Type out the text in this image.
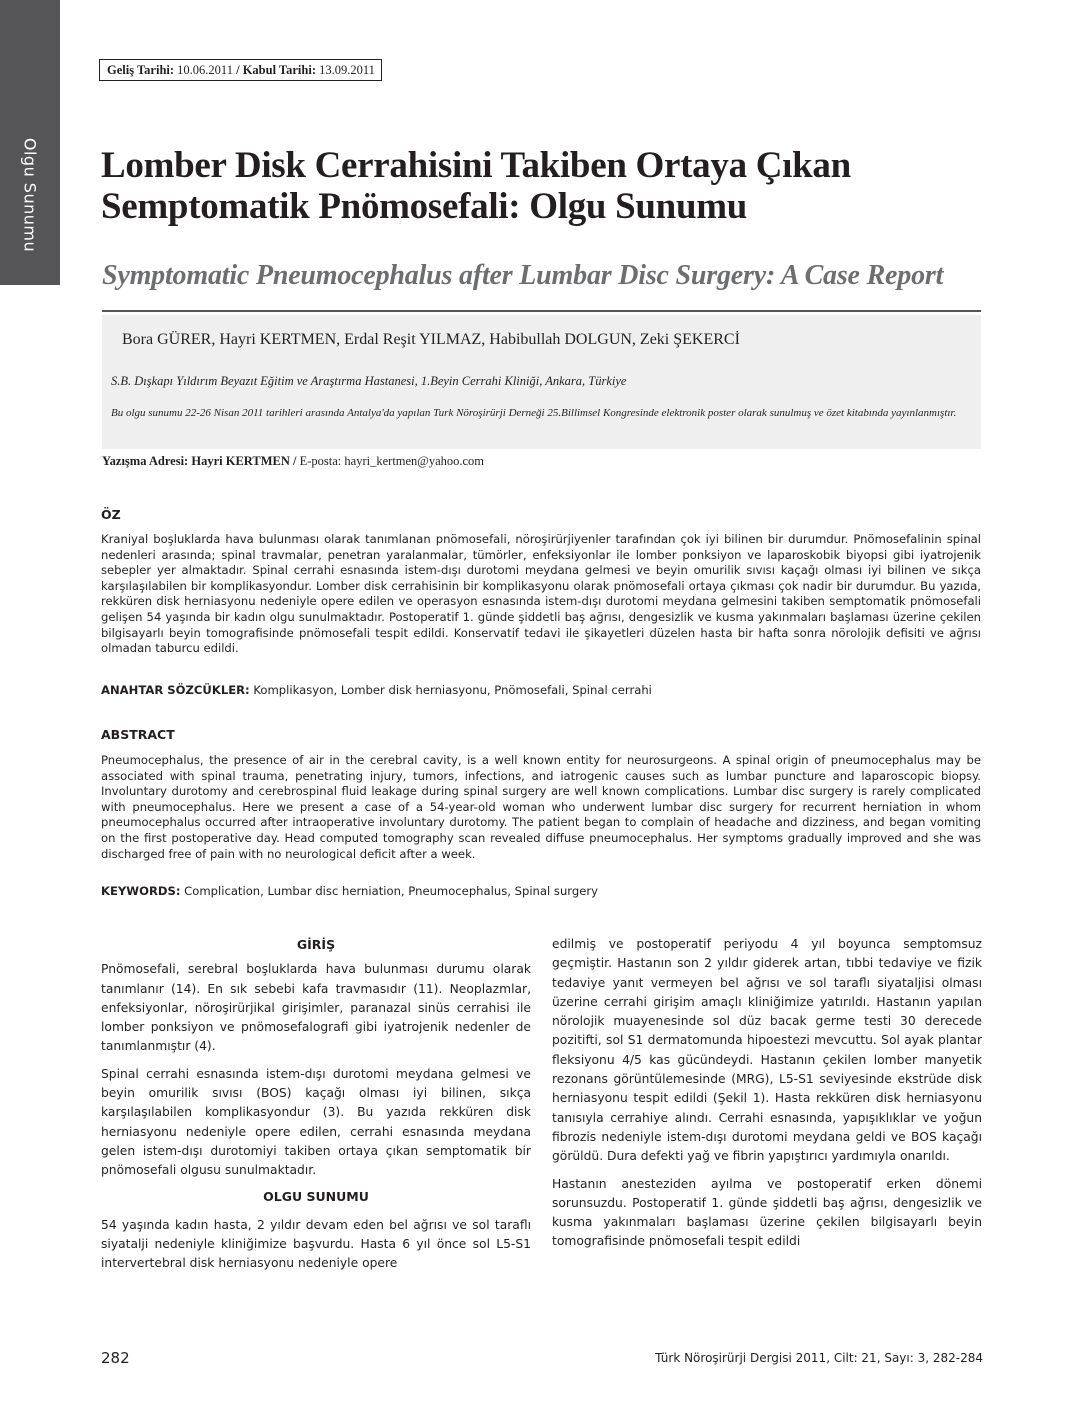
Olgu Sunumu
Geliş Tarihi: 10.06.2011 / Kabul Tarihi: 13.09.2011
Lomber Disk Cerrahisini Takiben Ortaya Çıkan Semptomatik Pnömosefali: Olgu Sunumu
Symptomatic Pneumocephalus after Lumbar Disc Surgery: A Case Report
Bora GÜRER, Hayri KERTMEN, Erdal Reşit YILMAZ, Habibullah DOLGUN, Zeki ŞEKERCİ
S.B. Dışkapı Yıldırım Beyazıt Eğitim ve Araştırma Hastanesi, 1.Beyin Cerrahi Kliniği, Ankara, Türkiye
Bu olgu sunumu 22-26 Nisan 2011 tarihleri arasında Antalya'da yapılan Turk Nöroşirürji Derneği 25.Billimsel Kongresinde elektronik poster olarak sunulmuş ve özet kitabında yayınlanmıştır.
Yazışma Adresi: Hayri KERTMEN / E-posta: hayri_kertmen@yahoo.com
ÖZ

Kraniyal boşluklarda hava bulunması olarak tanımlanan pnömosefali, nöroşirürjiyenler tarafından çok iyi bilinen bir durumdur. Pnömosefalinin spinal nedenleri arasında; spinal travmalar, penetran yaralanmalar, tümörler, enfeksiyonlar ile lomber ponksiyon ve laparoskobik biyopsi gibi iyatrojenik sebepler yer almaktadır. Spinal cerrahi esnasında istem-dışı durotomi meydana gelmesi ve beyin omurilik sıvısı kaçağı olması iyi bilinen ve sıkça karşılaşılabilen bir komplikasyondur. Lomber disk cerrahisinin bir komplikasyonu olarak pnömosefali ortaya çıkması çok nadir bir durumdur. Bu yazıda, rekküren disk herniasyonu nedeniyle opere edilen ve operasyon esnasında istem-dışı durotomi meydana gelmesini takiben semptomatik pnömosefali gelişen 54 yaşında bir kadın olgu sunulmaktadır. Postoperatif 1. günde şiddetli baş ağrısı, dengesizlik ve kusma yakınmaları başlaması üzerine çekilen bilgisayarlı beyin tomografisinde pnömosefali tespit edildi. Konservatif tedavi ile şikayetleri düzelen hasta bir hafta sonra nörolojik defisiti ve ağrısı olmadan taburcu edildi.

ANAHTAR SÖZCÜKLER: Komplikasyon, Lomber disk herniasyonu, Pnömosefali, Spinal cerrahi
ABSTRACT

Pneumocephalus, the presence of air in the cerebral cavity, is a well known entity for neurosurgeons. A spinal origin of pneumocephalus may be associated with spinal trauma, penetrating injury, tumors, infections, and iatrogenic causes such as lumbar puncture and laparoscopic biopsy. Involuntary durotomy and cerebrospinal fluid leakage during spinal surgery are well known complications. Lumbar disc surgery is rarely complicated with pneumocephalus. Here we present a case of a 54-year-old woman who underwent lumbar disc surgery for recurrent herniation in whom pneumocephalus occurred after intraoperative involuntary durotomy. The patient began to complain of headache and dizziness, and began vomiting on the first postoperative day. Head computed tomography scan revealed diffuse pneumocephalus. Her symptoms gradually improved and she was discharged free of pain with no neurological deficit after a week.

KEYWORDS: Complication, Lumbar disc herniation, Pneumocephalus, Spinal surgery
GİRİŞ

Pnömosefali, serebral boşluklarda hava bulunması durumu olarak tanımlanır (14). En sık sebebi kafa travmasıdır (11). Neoplazmlar, enfeksiyonlar, nöroşirürjikal girişimler, paranazal sinüs cerrahisi ile lomber ponksiyon ve pnömosefalografi gibi iyatrojenik nedenler de tanımlanmıştır (4).

Spinal cerrahi esnasında istem-dışı durotomi meydana gelmesi ve beyin omurilik sıvısı (BOS) kaçağı olması iyi bilinen, sıkça karşılaşılabilen komplikasyondur (3). Bu yazıda rekküren disk herniasyonu nedeniyle opere edilen, cerrahi esnasında meydana gelen istem-dışı durotomiyi takiben ortaya çıkan semptomatik bir pnömosefali olgusu sunulmaktadır.

OLGU SUNUMU

54 yaşında kadın hasta, 2 yıldır devam eden bel ağrısı ve sol taraflı siyatalji nedeniyle kliniğimize başvurdu. Hasta 6 yıl önce sol L5-S1 intervertebral disk herniasyonu nedeniyle opere

edilmiş ve postoperatif periyodu 4 yıl boyunca semptomsuz geçmiştir. Hastanın son 2 yıldır giderek artan, tıbbi tedaviye ve fizik tedaviye yanıt vermeyen bel ağrısı ve sol taraflı siyataljisi olması üzerine cerrahi girişim amaçlı kliniğimize yatırıldı. Hastanın yapılan nörolojik muayenesinde sol düz bacak germe testi 30 derecede pozitifti, sol S1 dermatomunda hipoestezi mevcuttu. Sol ayak plantar fleksiyonu 4/5 kas gücündeydi. Hastanın çekilen lomber manyetik rezonans görüntülemesinde (MRG), L5-S1 seviyesinde ekstrüde disk herniasyonu tespit edildi (Şekil 1). Hasta rekküren disk herniasyonu tanısıyla cerrahiye alındı. Cerrahi esnasında, yapışıklıklar ve yoğun fibrozis nedeniyle istem-dışı durotomi meydana geldi ve BOS kaçağı görüldü. Dura defekti yağ ve fibrin yapıştırıcı yardımıyla onarıldı.

Hastanın anesteziden ayılma ve postoperatif erken dönemi sorunsuzdu. Postoperatif 1. günde şiddetli baş ağrısı, dengesizlik ve kusma yakınmaları başlaması üzerine çekilen bilgisayarlı beyin tomografisinde pnömosefali tespit edildi

282	Türk Nöroşirürji Dergisi 2011, Cilt: 21, Sayı: 3, 282-284
